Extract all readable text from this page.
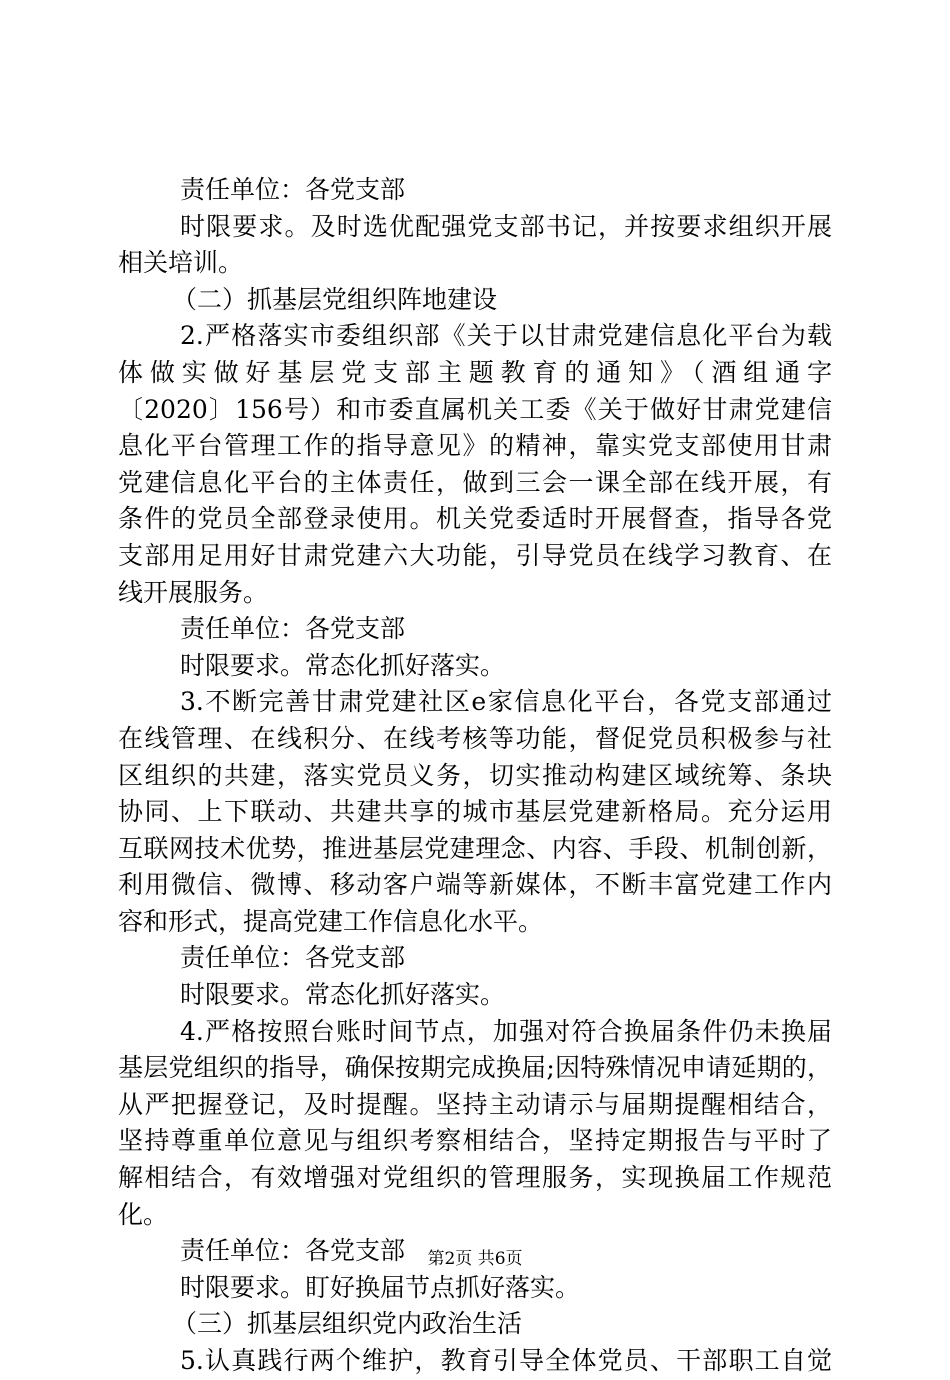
责任单位：各党支部
时限要求。及时选优配强党支部书记，并按要求组织开展
相关培训。
（二）抓基层党组织阵地建设
2.严格落实市委组织部《关于以甘肃党建信息化平台为载
体做实做好基层党支部主题教育的通知》（酒组通字
〔2020〕156号）和市委直属机关工委《关于做好甘肃党建信
息化平台管理工作的指导意见》的精神，靠实党支部使用甘肃
党建信息化平台的主体责任，做到三会一课全部在线开展，有
条件的党员全部登录使用。机关党委适时开展督查，指导各党
支部用足用好甘肃党建六大功能，引导党员在线学习教育、在
线开展服务。
责任单位：各党支部
时限要求。常态化抓好落实。
3.不断完善甘肃党建社区e家信息化平台，各党支部通过
在线管理、在线积分、在线考核等功能，督促党员积极参与社
区组织的共建，落实党员义务，切实推动构建区域统筹、条块
协同、上下联动、共建共享的城市基层党建新格局。充分运用
互联网技术优势，推进基层党建理念、内容、手段、机制创新，
利用微信、微博、移动客户端等新媒体，不断丰富党建工作内
容和形式，提高党建工作信息化水平。
责任单位：各党支部
时限要求。常态化抓好落实。
4.严格按照台账时间节点，加强对符合换届条件仍未换届
基层党组织的指导，确保按期完成换届;因特殊情况申请延期的，
从严把握登记，及时提醒。坚持主动请示与届期提醒相结合，
坚持尊重单位意见与组织考察相结合，坚持定期报告与平时了
解相结合，有效增强对党组织的管理服务，实现换届工作规范
化。
责任单位：各党支部
时限要求。盯好换届节点抓好落实。
（三）抓基层组织党内政治生活
5.认真践行两个维护，教育引导全体党员、干部职工自觉
第2页 共6页
